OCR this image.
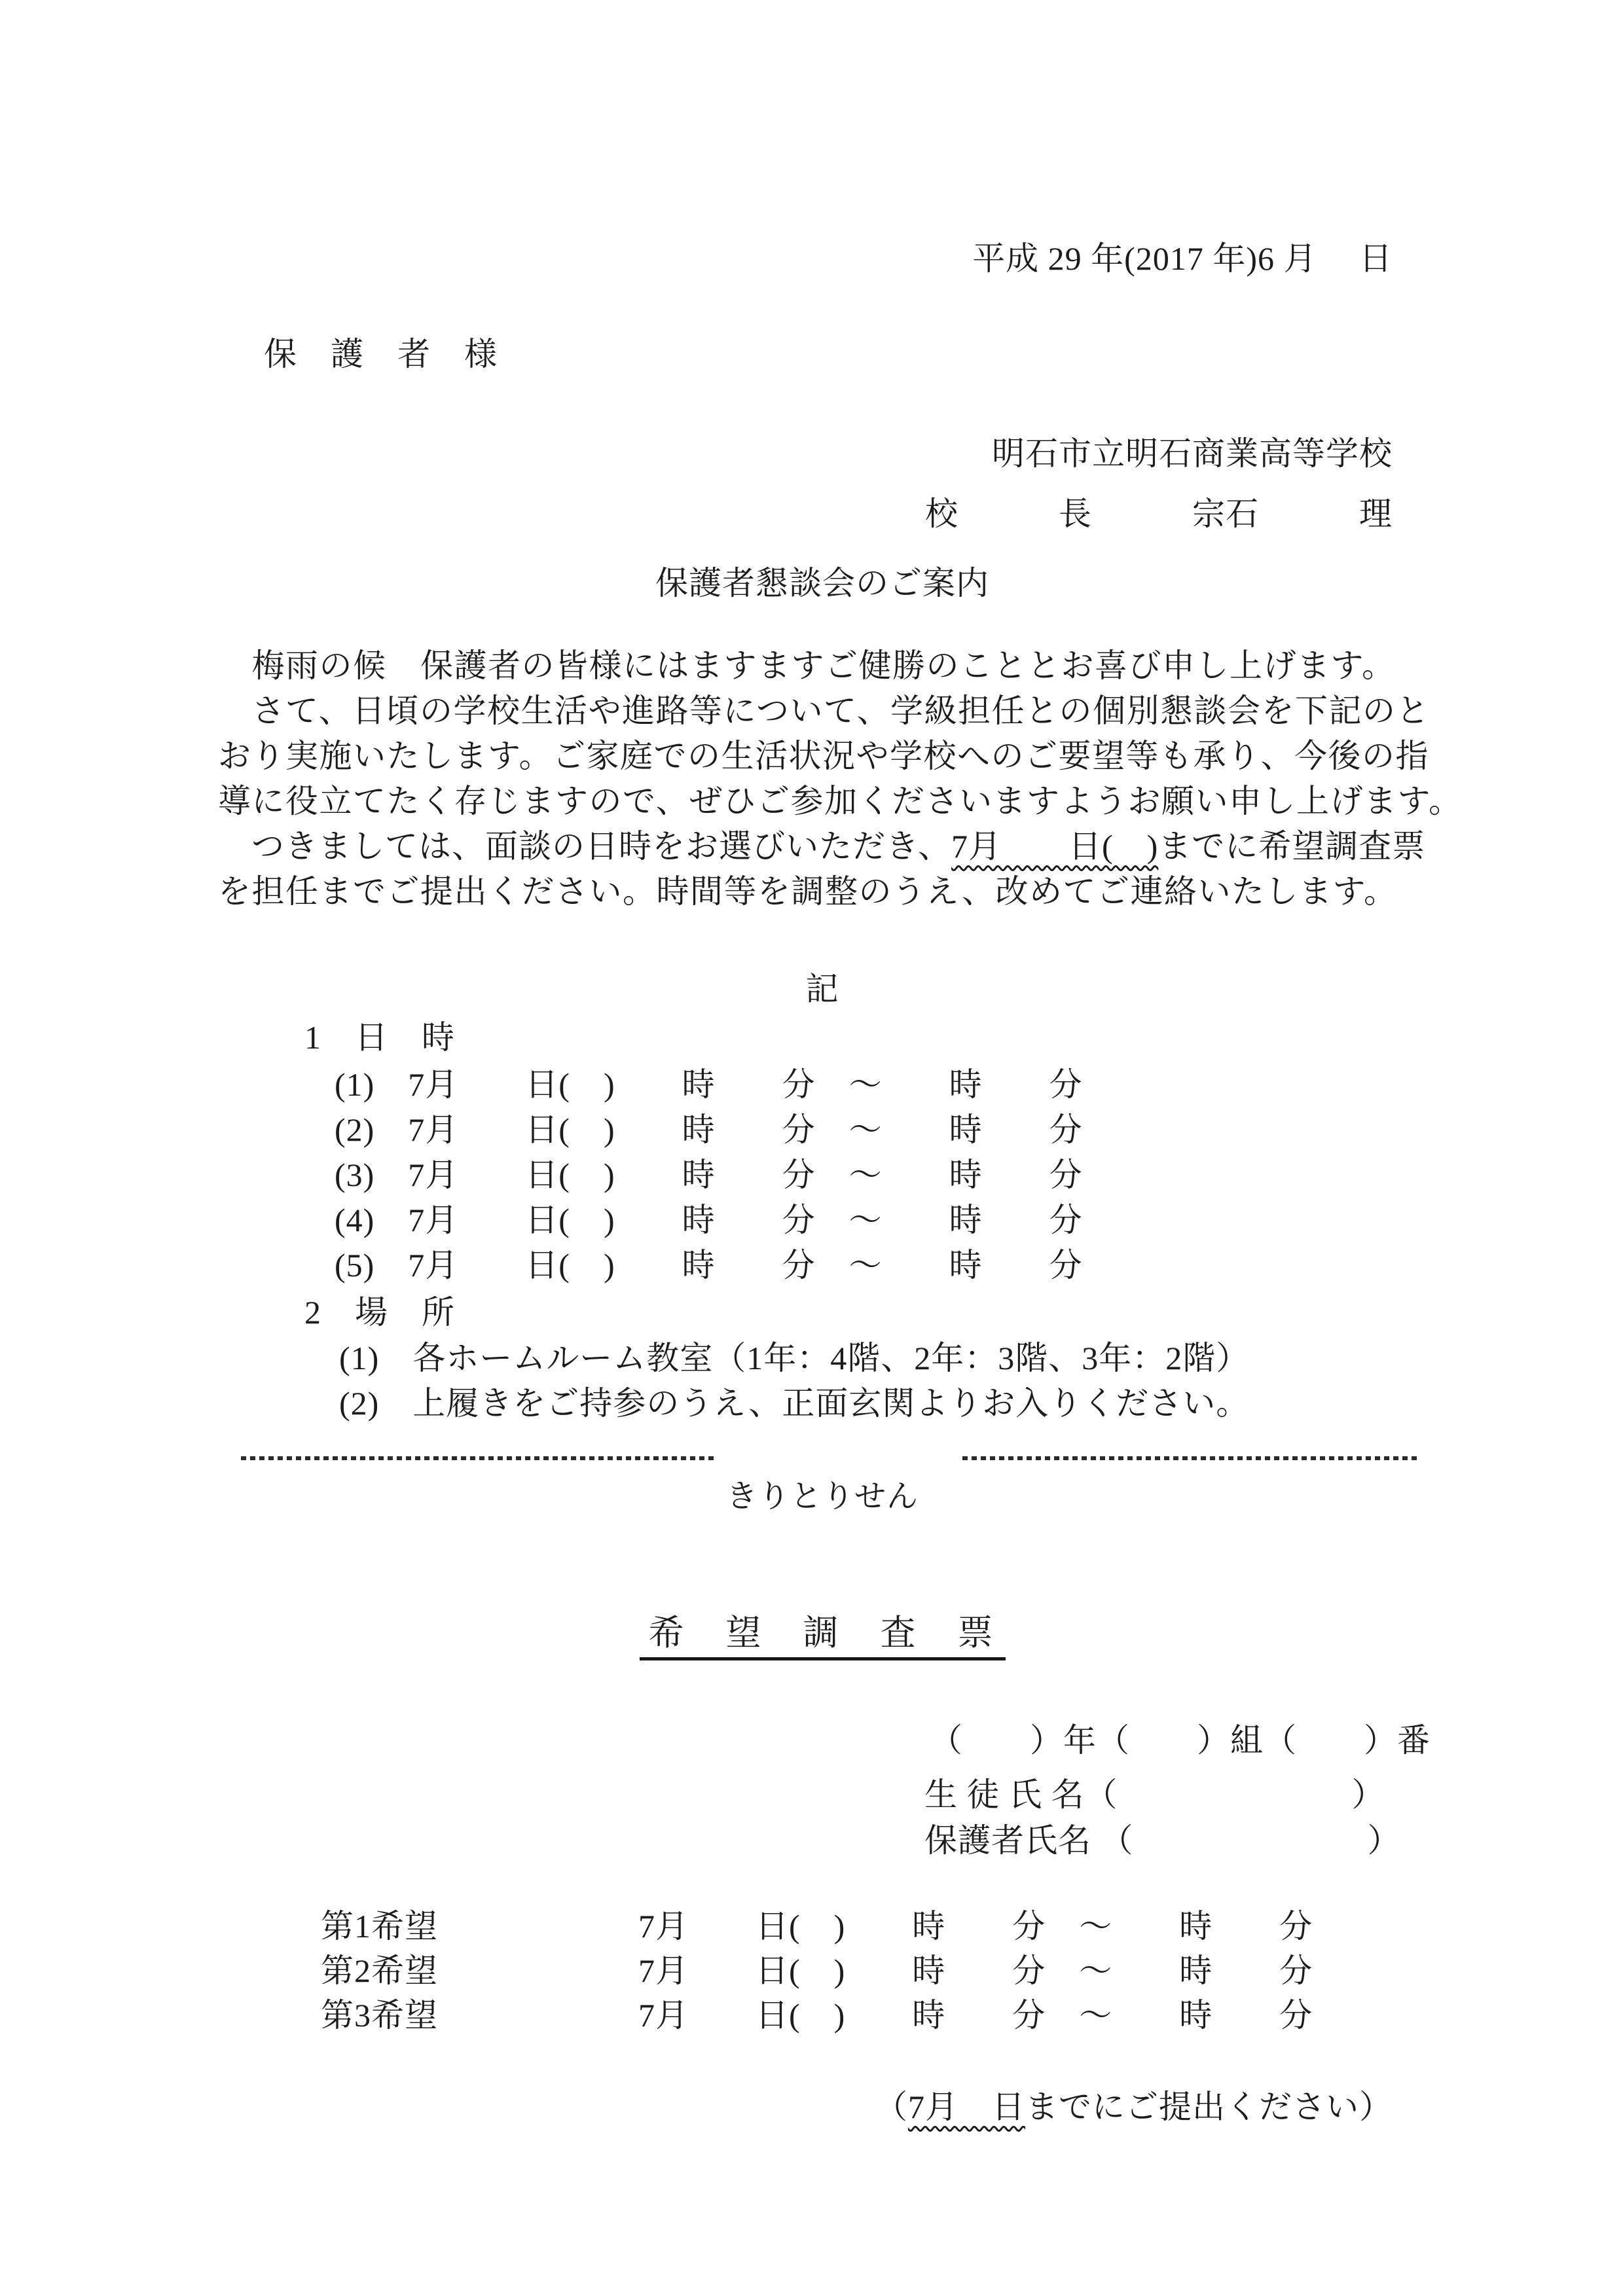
平成 29 年(2017 年)6 月　 日
保　護　者　様
明石市立明石商業高等学校
校　　　長　　　宗石　　　理
保護者懇談会のご案内
　梅雨の候　保護者の皆様にはますますご健勝のこととお喜び申し上げます。
　さて、日頃の学校生活や進路等について、学級担任との個別懇談会を下記のと
おり実施いたします。ご家庭での生活状況や学校へのご要望等も承り、今後の指
導に役立てたく存じますので、ぜひご参加くださいますようお願い申し上げます。
　つきましては、面談の日時をお選びいただき、7月　　日(　)までに希望調査票
を担任までご提出ください。時間等を調整のうえ、改めてご連絡いたします。
記
1　日　時
(1)　7月　　日(　)　　時　　分　～　　時　　分
(2)　7月　　日(　)　　時　　分　～　　時　　分
(3)　7月　　日(　)　　時　　分　～　　時　　分
(4)　7月　　日(　)　　時　　分　～　　時　　分
(5)　7月　　日(　)　　時　　分　～　　時　　分
2　場　所
(1)　各ホームルーム教室（1年：4階、2年：3階、3年：2階）
(2)　上履きをご持参のうえ、正面玄関よりお入りください。
きりとりせん
希　望　調　査　票
（　　）年（　　）組（　　）番
生 徒 氏 名（　　　　　　　）
保護者氏名 （　　　　　　　）
第1希望　　　　　　7月　　日(　)　　時　　分　～　　時　　分
第2希望　　　　　　7月　　日(　)　　時　　分　～　　時　　分
第3希望　　　　　　7月　　日(　)　　時　　分　～　　時　　分
（7月　日までにご提出ください）
